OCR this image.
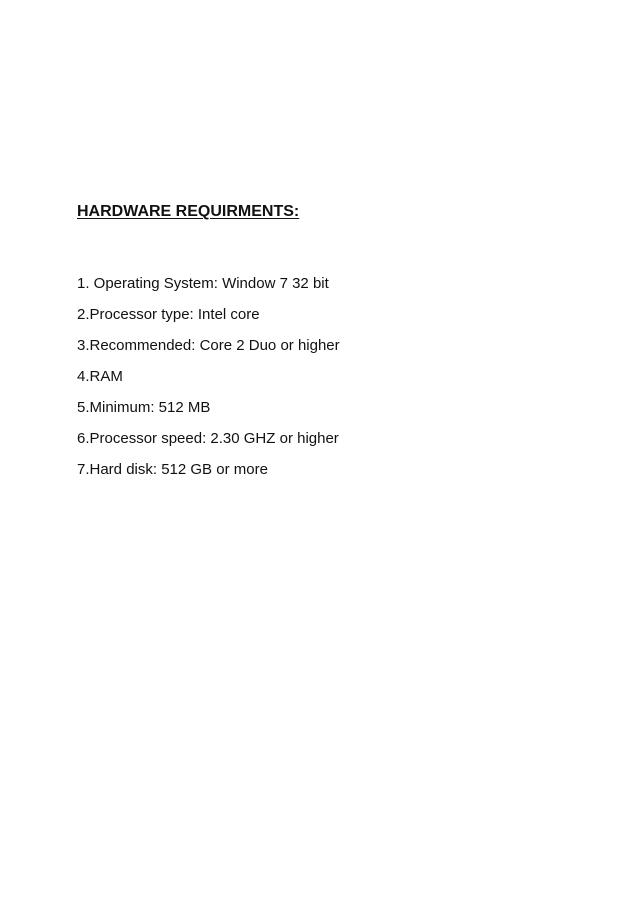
HARDWARE REQUIRMENTS:
1. Operating System: Window 7 32 bit
2.Processor type: Intel core
3.Recommended: Core 2 Duo or higher
4.RAM
5.Minimum: 512 MB
6.Processor speed: 2.30 GHZ or higher
7.Hard disk: 512 GB or more
